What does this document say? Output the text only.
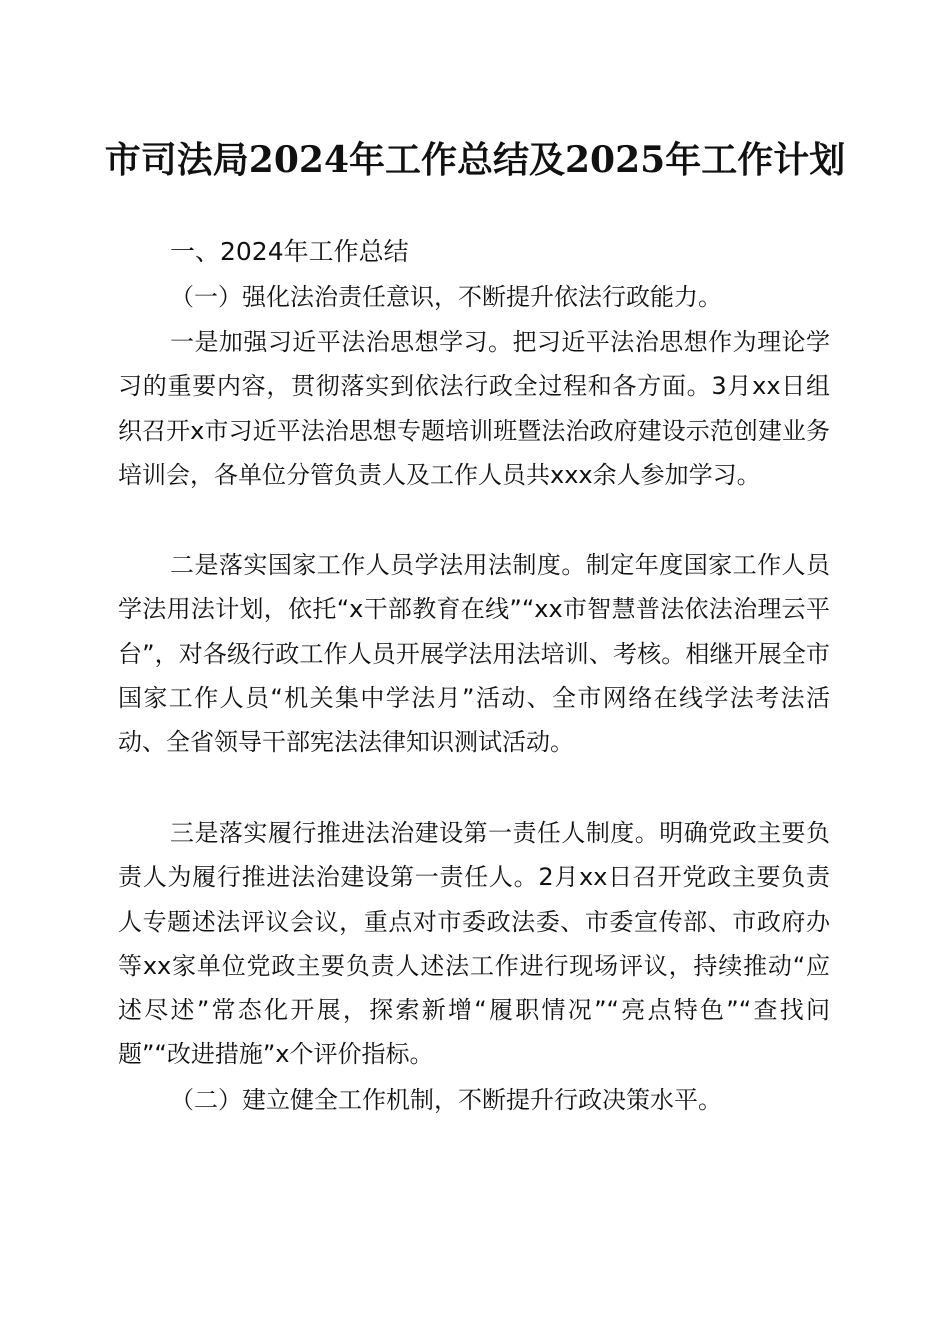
市司法局2024年工作总结及2025年工作计划
一、2024年工作总结
（一）强化法治责任意识，不断提升依法行政能力。

一是加强习近平法治思想学习。把习近平法治思想作为理论学习的重要内容，贯彻落实到依法行政全过程和各方面。3月xx日组织召开x市习近平法治思想专题培训班暨法治政府建设示范创建业务培训会，各单位分管负责人及工作人员共xxx余人参加学习。

二是落实国家工作人员学法用法制度。制定年度国家工作人员学法用法计划，依托“x干部教育在线”“xx市智慧普法依法治理云平台”，对各级行政工作人员开展学法用法培训、考核。相继开展全市国家工作人员“机关集中学法月”活动、全市网络在线学法考法活动、全省领导干部宪法法律知识测试活动。

三是落实履行推进法治建设第一责任人制度。明确党政主要负责人为履行推进法治建设第一责任人。2月xx日召开党政主要负责人专题述法评议会议，重点对市委政法委、市委宣传部、市政府办等xx家单位党政主要负责人述法工作进行现场评议，持续推动“应述尽述”常态化开展，探索新增“履职情况”“亮点特色”“查找问题”“改进措施”x个评价指标。

（二）建立健全工作机制，不断提升行政决策水平。
